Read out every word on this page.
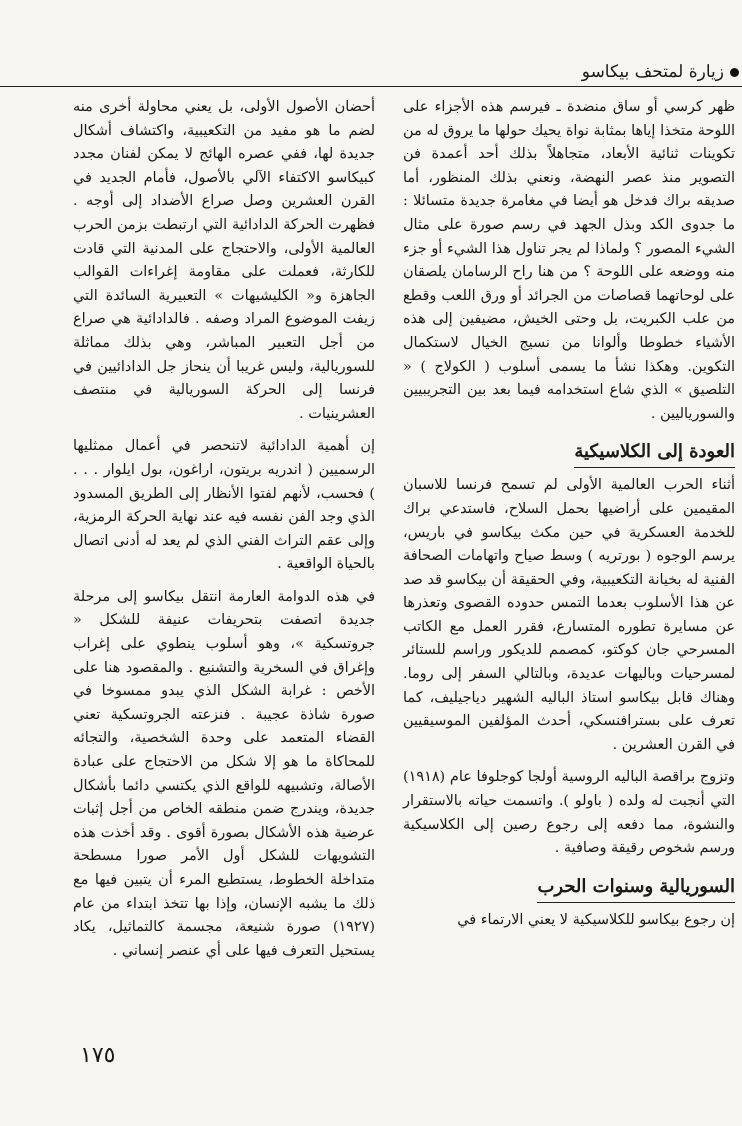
زيارة لمتحف بيكاسو

ظهر كرسي أو ساق منضدة ـ فيرسم هذه الأجزاء على اللوحة متخذا إياها بمثابة نواة يحيك حولها ما يروق له من تكوينات ثنائية الأبعاد، متجاهلاً بذلك أحد أعمدة فن التصوير منذ عصر النهضة، ونعني بذلك المنظور، أما صديقه براك فدخل هو أيضا في مغامرة جديدة متسائلا : ما جدوى الكد وبذل الجهد في رسم صورة على مثال الشيء المصور ؟ ولماذا لم يجر تناول هذا الشيء أو جزء منه ووضعه على اللوحة ؟ من هنا راح الرسامان يلصقان على لوحاتهما قصاصات من الجرائد أو ورق اللعب وقطع من علب الكبريت، بل وحتى الخيش، مضيفين إلى هذه الأشياء خطوطا وألوانا من نسيج الخيال لاستكمال التكوين. وهكذا نشأ ما يسمى أسلوب ( الكولاج ) « التلصيق » الذي شاع استخدامه فيما بعد بين التجريبيين والسورياليين .

العودة إلى الكلاسيكية

أثناء الحرب العالمية الأولى لم تسمح فرنسا للاسبان المقيمين على أراضيها بحمل السلاح، فاستدعي براك للخدمة العسكرية في حين مكث بيكاسو في باريس، يرسم الوجوه ( بورتريه ) وسط صياح واتهامات الصحافة الفنية له بخيانة التكعيبية، وفي الحقيقة أن بيكاسو قد صد عن هذا الأسلوب بعدما التمس حدوده القصوى وتعذرها عن مسايرة تطوره المتسارع، فقرر العمل مع الكاتب المسرحي جان كوكتو، كمصمم للديكور وراسم للستائر لمسرحيات وباليهات عديدة، وبالتالي السفر إلى روما. وهناك قابل بيكاسو استاذ الباليه الشهير دياجيليف، كما تعرف على بسترافنسكي، أحدث المؤلفين الموسيقيين في القرن العشرين .

وتزوج براقصة الباليه الروسية أولجا كوجلوفا عام (١٩١٨) التي أنجبت له ولده ( باولو ). واتسمت حياته بالاستقرار والنشوة، مما دفعه إلى رجوع رصين إلى الكلاسيكية ورسم شخوص رقيقة وصافية .

السوريالية وسنوات الحرب

إن رجوع بيكاسو للكلاسيكية لا يعني الارتماء في

أحضان الأصول الأولى، بل يعني محاولة أخرى منه لضم ما هو مفيد من التكعيبية، واكتشاف أشكال جديدة لها، ففي عصره الهائج لا يمكن لفنان مجدد كبيكاسو الاكتفاء الآلي بالأصول، فأمام الجديد في القرن العشرين وصل صراع الأضداد إلى أوجه . فظهرت الحركة الدادائية التي ارتبطت بزمن الحرب العالمية الأولى، والاحتجاج على المدنية التي قادت للكارثة، فعملت على مقاومة إغراءات القوالب الجاهزة و« الكليشيهات » التعبيرية السائدة التي زيفت الموضوع المراد وصفه . فالدادائية هي صراع من أجل التعبير المباشر، وهي بذلك مماثلة للسوريالية، وليس غريبا أن ينحاز جل الدادائيين في فرنسا إلى الحركة السوريالية في منتصف العشرينيات .

إن أهمية الدادائية لاتنحصر في أعمال ممثليها الرسميين ( اندريه بريتون، اراغون، بول ايلوار . . . ) فحسب، لأنهم لفتوا الأنظار إلى الطريق المسدود الذي وجد الفن نفسه فيه عند نهاية الحركة الرمزية، وإلى عقم التراث الفني الذي لم يعد له أدنى اتصال بالحياة الواقعية .

في هذه الدوامة العارمة انتقل بيكاسو إلى مرحلة جديدة اتصفت بتحريفات عنيفة للشكل « جروتسكية »، وهو أسلوب ينطوي على إغراب وإغراق في السخرية والتشنيع . والمقصود هنا على الأخص : غرابة الشكل الذي يبدو ممسوخا في صورة شاذة عجيبة . فنزعته الجروتسكية تعني القضاء المتعمد على وحدة الشخصية، والتجائه للمحاكاة ما هو إلا شكل من الاحتجاج على عبادة الأصالة، وتشبيهه للواقع الذي يكتسي دائما بأشكال جديدة، ويندرج ضمن منطقه الخاص من أجل إثبات عرضية هذه الأشكال بصورة أقوى . وقد أخذت هذه التشويهات للشكل أول الأمر صورا مسطحة متداخلة الخطوط، يستطيع المرء أن يتبين فيها مع ذلك ما يشبه الإنسان، وإذا بها تتخذ ابتداء من عام (١٩٢٧) صورة شنيعة، مجسمة كالتماثيل، يكاد يستحيل التعرف فيها على أي عنصر إنساني .

١٧٥
